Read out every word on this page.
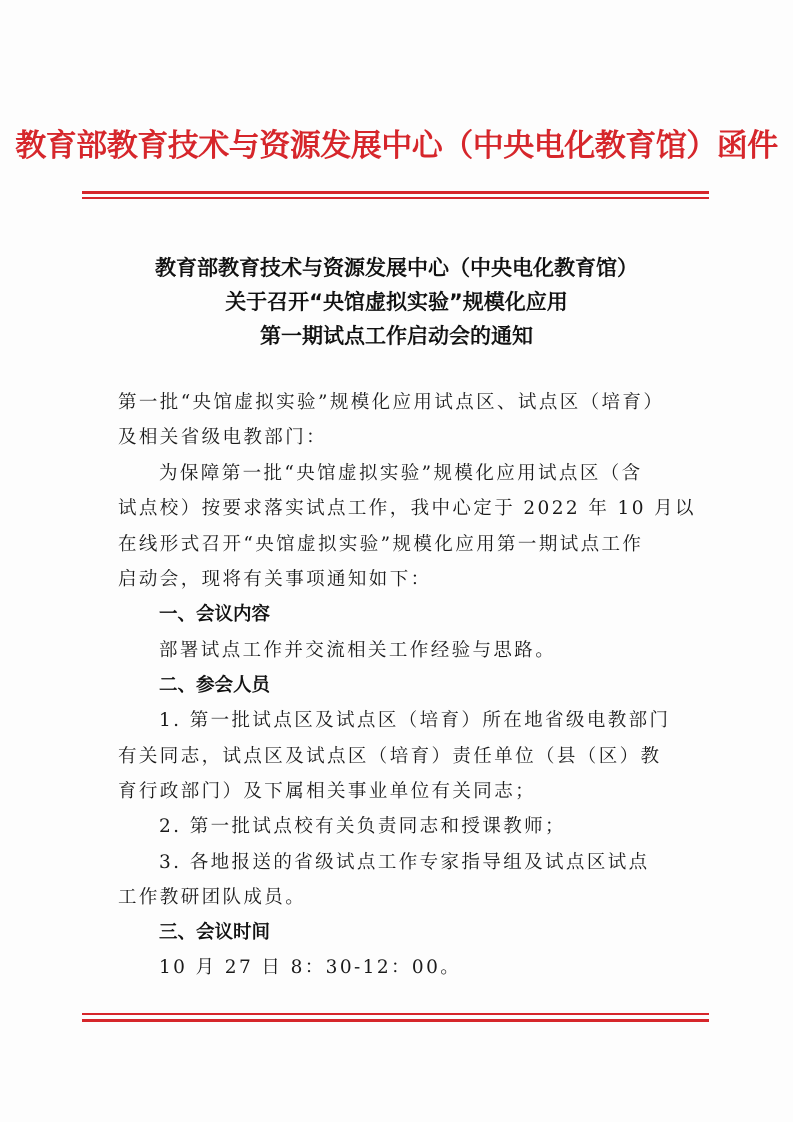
教育部教育技术与资源发展中心（中央电化教育馆）函件
教育部教育技术与资源发展中心（中央电化教育馆）
关于召开“央馆虚拟实验”规模化应用
第一期试点工作启动会的通知
第一批“央馆虚拟实验”规模化应用试点区、试点区（培育）
及相关省级电教部门：
为保障第一批“央馆虚拟实验”规模化应用试点区（含
试点校）按要求落实试点工作，我中心定于 2022 年 10 月以
在线形式召开“央馆虚拟实验”规模化应用第一期试点工作
启动会，现将有关事项通知如下：
一、会议内容
部署试点工作并交流相关工作经验与思路。
二、参会人员
1. 第一批试点区及试点区（培育）所在地省级电教部门
有关同志，试点区及试点区（培育）责任单位（县（区）教
育行政部门）及下属相关事业单位有关同志；
2. 第一批试点校有关负责同志和授课教师；
3. 各地报送的省级试点工作专家指导组及试点区试点
工作教研团队成员。
三、会议时间
10 月 27 日 8：30-12：00。
